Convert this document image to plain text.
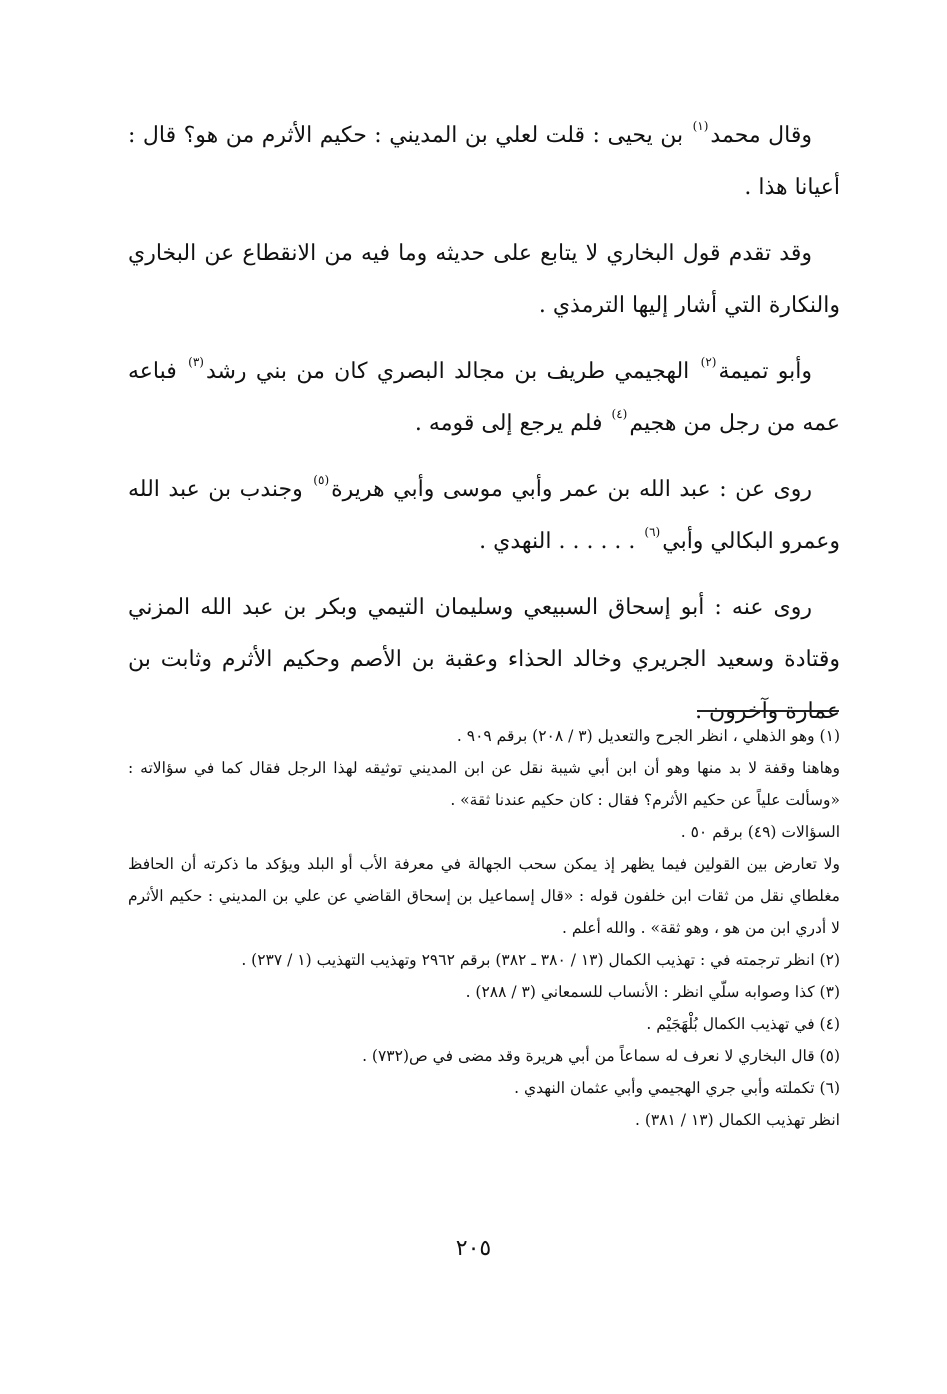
وقال محمد$^{(١)}$ بن يحيى : قلت لعلي بن المديني : حكيم الأثرم من هو؟ قال : أعيانا هذا .

وقد تقدم قول البخاري لا يتابع على حديثه وما فيه من الانقطاع عن البخاري والنكارة التي أشار إليها الترمذي .

وأبو تميمة$^{(٢)}$ الهجيمي طريف بن مجالد البصري كان من بني رشد$^{(٣)}$ فباعه عمه من رجل من هجيم$^{(٤)}$ فلم يرجع إلى قومه .

روى عن : عبد الله بن عمر وأبي موسى وأبي هريرة$^{(٥)}$ وجندب بن عبد الله وعمرو البكالي وأبي$^{(٦)}$ . . . . . . النهدي .

روى عنه : أبو إسحاق السبيعي وسليمان التيمي وبكر بن عبد الله المزني وقتادة وسعيد الجريري وخالد الحذاء وعقبة بن الأصم وحكيم الأثرم وثابت بن عمارة وآخرون .

(١) وهو الذهلي ، انظر الجرح والتعديل (٣ / ٢٠٨) برقم ٩٠٩ .

وهاهنا وقفة لا بد منها وهو أن ابن أبي شيبة نقل عن ابن المديني توثيقه لهذا الرجل فقال كما في سؤالاته : «وسألت علياً عن حكيم الأثرم؟ فقال : كان حكيم عندنا ثقة» .

السؤالات (٤٩) برقم ٥٠ .

ولا تعارض بين القولين فيما يظهر إذ يمكن سحب الجهالة في معرفة الأب أو البلد ويؤكد ما ذكرته أن الحافظ مغلطاي نقل من ثقات ابن خلفون قوله : «قال إسماعيل بن إسحاق القاضي عن علي بن المديني : حكيم الأثرم لا أدري ابن من هو ، وهو ثقة» . والله أعلم .

(٢) انظر ترجمته في : تهذيب الكمال (١٣ / ٣٨٠ ـ ٣٨٢) برقم ٢٩٦٢ وتهذيب التهذيب (١ / ٢٣٧) .

(٣) كذا وصوابه سلّي انظر : الأنساب للسمعاني (٣ / ٢٨٨) .

(٤) في تهذيب الكمال بُلْهَجَيْم .

(٥) قال البخاري لا نعرف له سماعاً من أبي هريرة وقد مضى في ص(٧٣٢) .

(٦) تكملته وأبي جري الهجيمي وأبي عثمان النهدي .

انظر تهذيب الكمال (١٣ / ٣٨١) .

٢٠٥
